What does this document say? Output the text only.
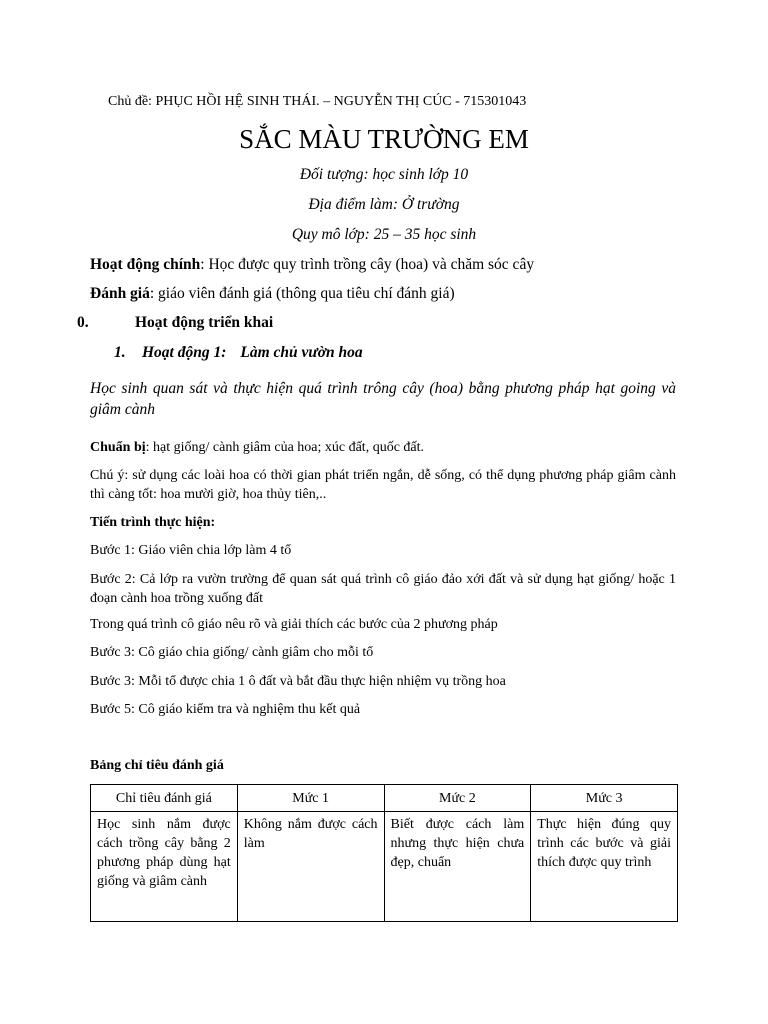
Chủ đề: PHỤC HỒI HỆ SINH THÁI. – NGUYỄN THỊ CÚC - 715301043

SẮC MÀU TRƯỜNG EM

Đối tượng: học sinh lớp 10

Địa điểm làm: Ở trường

Quy mô lớp: 25 – 35 học sinh

Hoạt động chính: Học được quy trình trồng cây (hoa) và chăm sóc cây

Đánh giá: giáo viên đánh giá (thông qua tiêu chí đánh giá)

0.	Hoạt động triển khai

1. Hoạt động 1: Làm chủ vườn hoa

Học sinh quan sát và thực hiện quá trình trông cây (hoa) bằng phương pháp hạt going và giâm cành

Chuẩn bị: hạt giống/ cành giâm của hoa; xúc đất, quốc đất.

Chú ý: sử dụng các loài hoa có thời gian phát triển ngắn, dễ sống, có thể dụng phương pháp giâm cành thì càng tốt: hoa mười giờ, hoa thủy tiên,..

Tiến trình thực hiện:

Bước 1: Giáo viên chia lớp làm 4 tổ

Bước 2: Cả lớp ra vườn trường để quan sát quá trình cô giáo đảo xới đất và sử dụng hạt giống/ hoặc 1 đoạn cành hoa trồng xuống đất

Trong quá trình cô giáo nêu rõ và giải thích các bước của 2 phương pháp

Bước 3: Cô giáo chia giống/ cành giâm cho mỗi tổ

Bước 3: Mỗi tổ được chia 1 ô đất và bắt đầu thực hiện nhiệm vụ trồng hoa

Bước 5: Cô giáo kiểm tra và nghiệm thu kết quả

Bảng chỉ tiêu đánh giá

Chỉ tiêu đánh giá	Mức 1	Mức 2	Mức 3
Học sinh nắm được cách trồng cây bằng 2 phương pháp dùng hạt giống và giâm cành	Không nắm được cách làm	Biết được cách làm nhưng thực hiện chưa đẹp, chuẩn	Thực hiện đúng quy trình các bước và giải thích được quy trình
